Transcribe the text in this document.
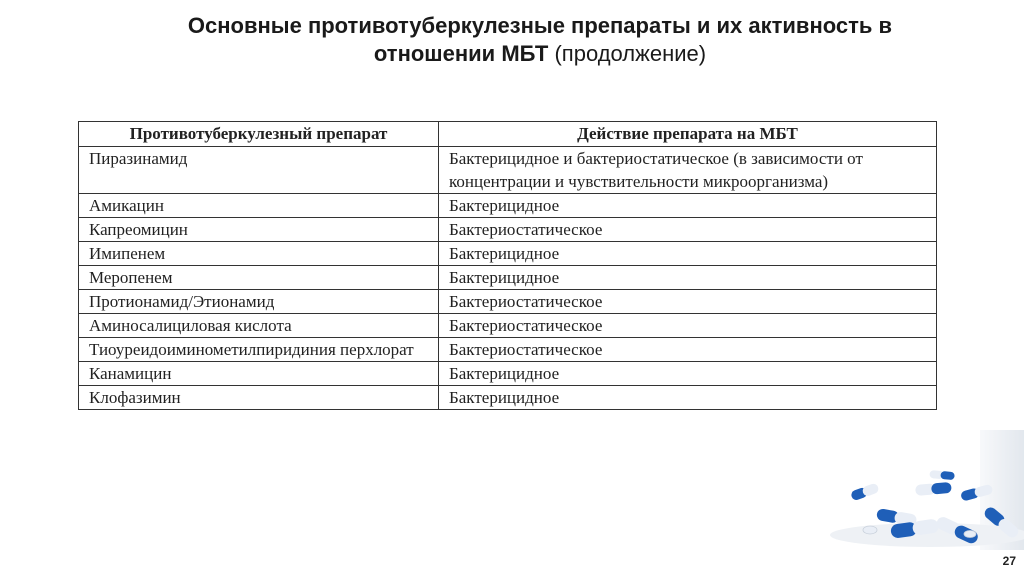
Основные противотуберкулезные препараты и их активность в
отношении МБТ (продолжение)
Противотуберкулезный препарат	Действие препарата на МБТ
Пиразинамид	Бактерицидное и бактериостатическое (в зависимости от концентрации и чувствительности микроорганизма)
Амикацин	Бактерицидное
Капреомицин	Бактериостатическое
Имипенем	Бактерицидное
Меропенем	Бактерицидное
Протионамид/Этионамид	Бактериостатическое
Аминосалициловая кислота	Бактериостатическое
Тиоуреидоиминометилпиридиния перхлорат	Бактериостатическое
Канамицин	Бактерицидное
Клофазимин	Бактерицидное
27
